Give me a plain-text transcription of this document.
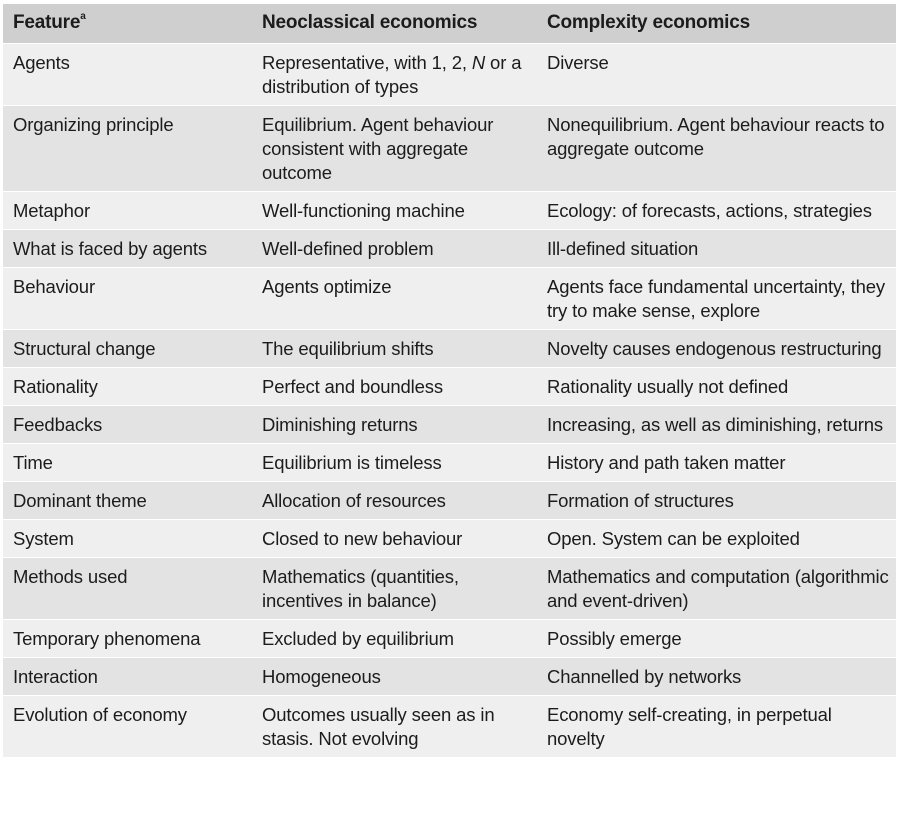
Feature$^a$	Neoclassical economics	Complexity economics
Agents	Representative, with 1, 2, N or a distribution of types	Diverse
Organizing principle	Equilibrium. Agent behaviour consistent with aggregate outcome	Nonequilibrium. Agent behaviour reacts to aggregate outcome
Metaphor	Well-functioning machine	Ecology: of forecasts, actions, strategies
What is faced by agents	Well-defined problem	Ill-defined situation
Behaviour	Agents optimize	Agents face fundamental uncertainty, they try to make sense, explore
Structural change	The equilibrium shifts	Novelty causes endogenous restructuring
Rationality	Perfect and boundless	Rationality usually not defined
Feedbacks	Diminishing returns	Increasing, as well as diminishing, returns
Time	Equilibrium is timeless	History and path taken matter
Dominant theme	Allocation of resources	Formation of structures
System	Closed to new behaviour	Open. System can be exploited
Methods used	Mathematics (quantities, incentives in balance)	Mathematics and computation (algorithmic and event-driven)
Temporary phenomena	Excluded by equilibrium	Possibly emerge
Interaction	Homogeneous	Channelled by networks
Evolution of economy	Outcomes usually seen as in stasis. Not evolving	Economy self-creating, in perpetual novelty
